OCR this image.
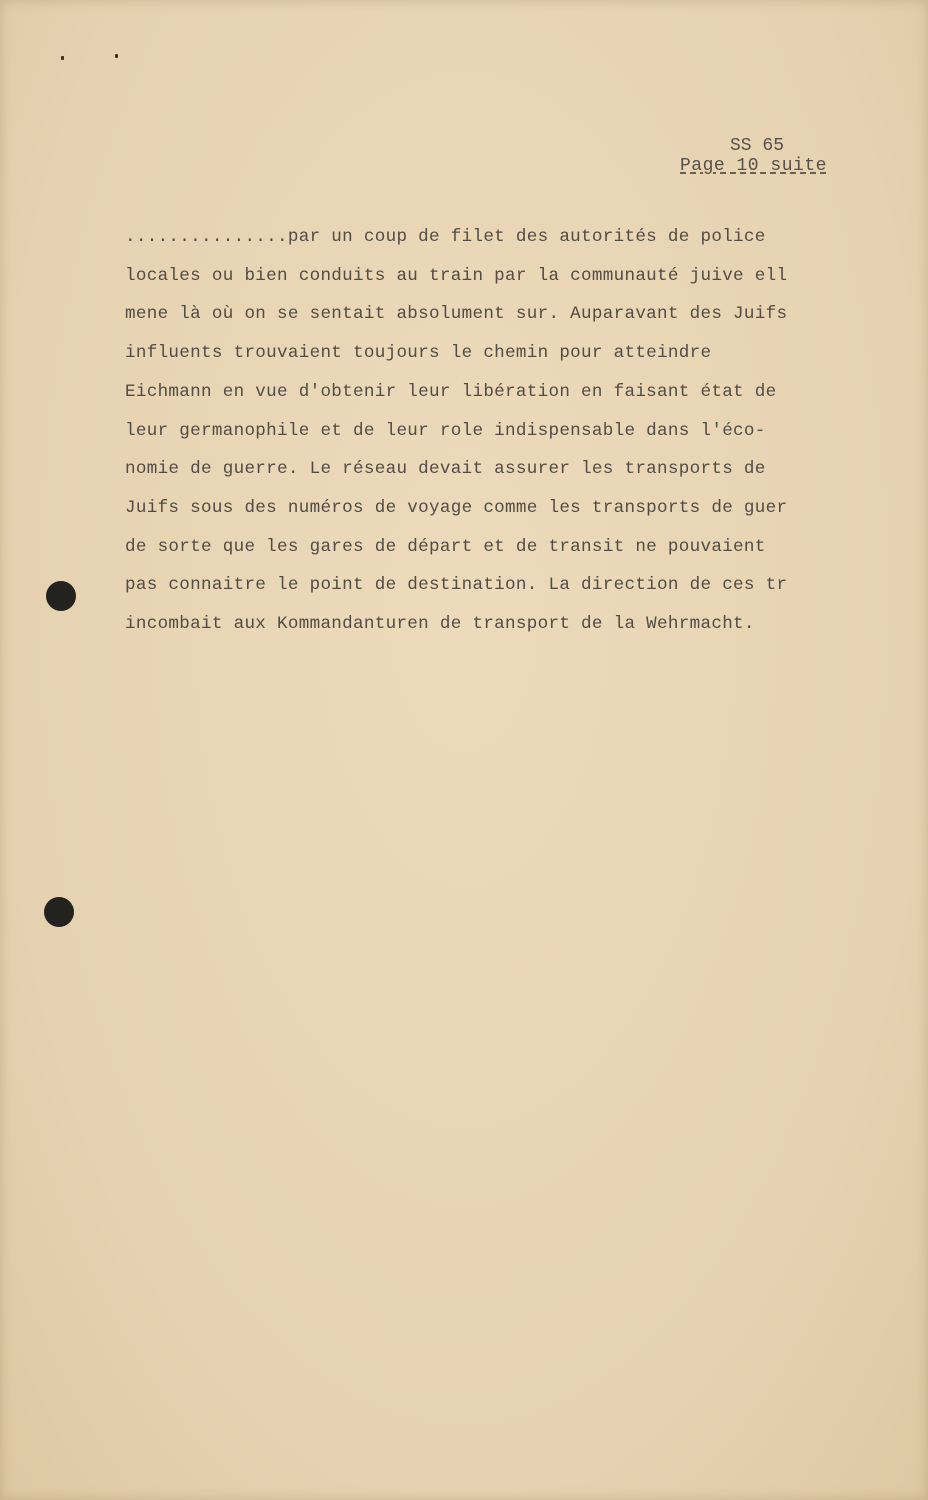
SS 65
Page 10 suite
...............par un coup de filet des autorités de police
locales ou bien conduits au train par la communauté juive ell
mene là où on se sentait absolument sur. Auparavant des Juifs
influents trouvaient toujours le chemin pour atteindre
Eichmann en vue d'obtenir leur libération en faisant état de
leur germanophile et de leur role indispensable dans l'éco-
nomie de guerre. Le réseau devait assurer les transports de
Juifs sous des numéros de voyage comme les transports de guer
de sorte que les gares de départ et de transit ne pouvaient
pas connaitre le point de destination. La direction de ces tr
incombait aux Kommandanturen de transport de la Wehrmacht.
